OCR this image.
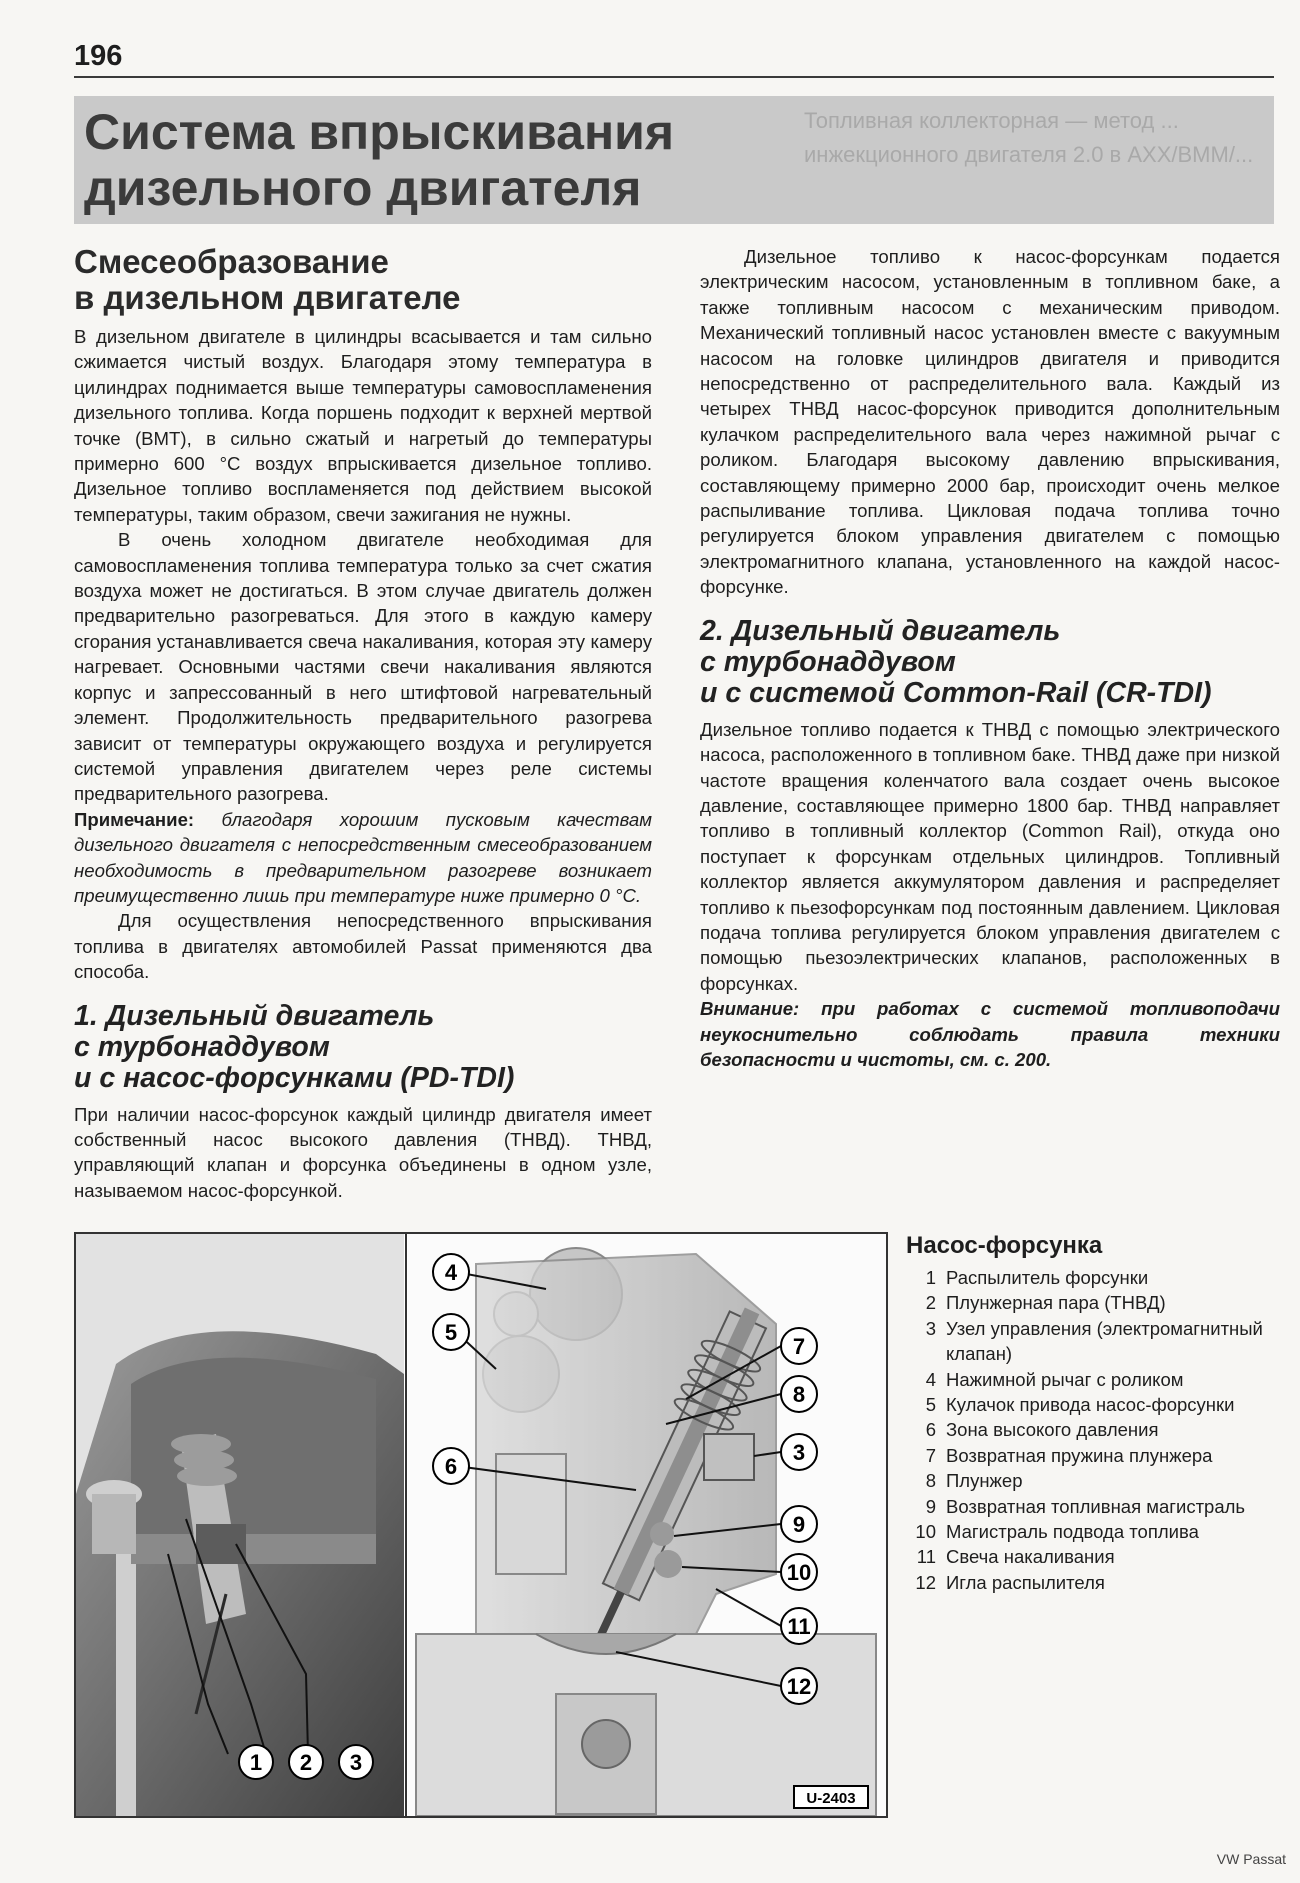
196
Топливная коллекторная — метод ... инжекционного двигателя 2.0 в AXX/BMM/...
Система впрыскивания
дизельного двигателя
Смесеобразование
в дизельном двигателе

В дизельном двигателе в цилиндры всасывается и там сильно сжимается чистый воздух. Благодаря этому температура в цилиндрах поднимается выше температуры самовоспламенения дизельного топлива. Когда поршень подходит к верхней мертвой точке (ВМТ), в сильно сжатый и нагретый до температуры примерно 600 °С воздух впрыскивается дизельное топливо. Дизельное топливо воспламеняется под действием высокой температуры, таким образом, свечи зажигания не нужны.

В очень холодном двигателе необходимая для самовоспламенения топлива температура только за счет сжатия воздуха может не достигаться. В этом случае двигатель должен предварительно разогреваться. Для этого в каждую камеру сгорания устанавливается свеча накаливания, которая эту камеру нагревает. Основными частями свечи накаливания являются корпус и запрессованный в него штифтовой нагревательный элемент. Продолжительность предварительного разогрева зависит от температуры окружающего воздуха и регулируется системой управления двигателем через реле системы предварительного разогрева.

Примечание: благодаря хорошим пусковым качествам дизельного двигателя с непосредственным смесеобразованием необходимость в предварительном разогреве возникает преимущественно лишь при температуре ниже примерно 0 °С.

Для осуществления непосредственного впрыскивания топлива в двигателях автомобилей Passat применяются два способа.

1. Дизельный двигатель
с турбонаддувом
и с насос-форсунками (PD-TDI)

При наличии насос-форсунок каждый цилиндр двигателя имеет собственный насос высокого давления (ТНВД). ТНВД, управляющий клапан и форсунка объединены в одном узле, называемом насос-форсункой.

Дизельное топливо к насос-форсункам подается электрическим насосом, установленным в топливном баке, а также топливным насосом с механическим приводом. Механический топливный насос установлен вместе с вакуумным насосом на головке цилиндров двигателя и приводится непосредственно от распределительного вала. Каждый из четырех ТНВД насос-форсунок приводится дополнительным кулачком распределительного вала через нажимной рычаг с роликом. Благодаря высокому давлению впрыскивания, составляющему примерно 2000 бар, происходит очень мелкое распыливание топлива. Цикловая подача топлива точно регулируется блоком управления двигателем с помощью электромагнитного клапана, установленного на каждой насос-форсунке.

2. Дизельный двигатель
с турбонаддувом
и с системой Common-Rail (CR-TDI)

Дизельное топливо подается к ТНВД с помощью электрического насоса, расположенного в топливном баке. ТНВД даже при низкой частоте вращения коленчатого вала создает очень высокое давление, составляющее примерно 1800 бар. ТНВД направляет топливо в топливный коллектор (Common Rail), откуда оно поступает к форсункам отдельных цилиндров. Топливный коллектор является аккумулятором давления и распределяет топливо к пьезофорсункам под постоянным давлением. Цикловая подача топлива регулируется блоком управления двигателем с помощью пьезоэлектрических клапанов, расположенных в форсунках.

Внимание: при работах с системой топливоподачи неукоснительно соблюдать правила техники безопасности и чистоты, см. с. 200.

1 2 3
4
5
6
7
8
3
9
10
11
12
U-2403
Насос-форсунка
1 Распылитель форсунки
2 Плунжерная пара (ТНВД)
3 Узел управления (электромагнитный клапан)
4 Нажимной рычаг с роликом
5 Кулачок привода насос-форсунки
6 Зона высокого давления
7 Возвратная пружина плунжера
8 Плунжер
9 Возвратная топливная магистраль
10 Магистраль подвода топлива
11 Свеча накаливания
12 Игла распылителя
VW Passat
